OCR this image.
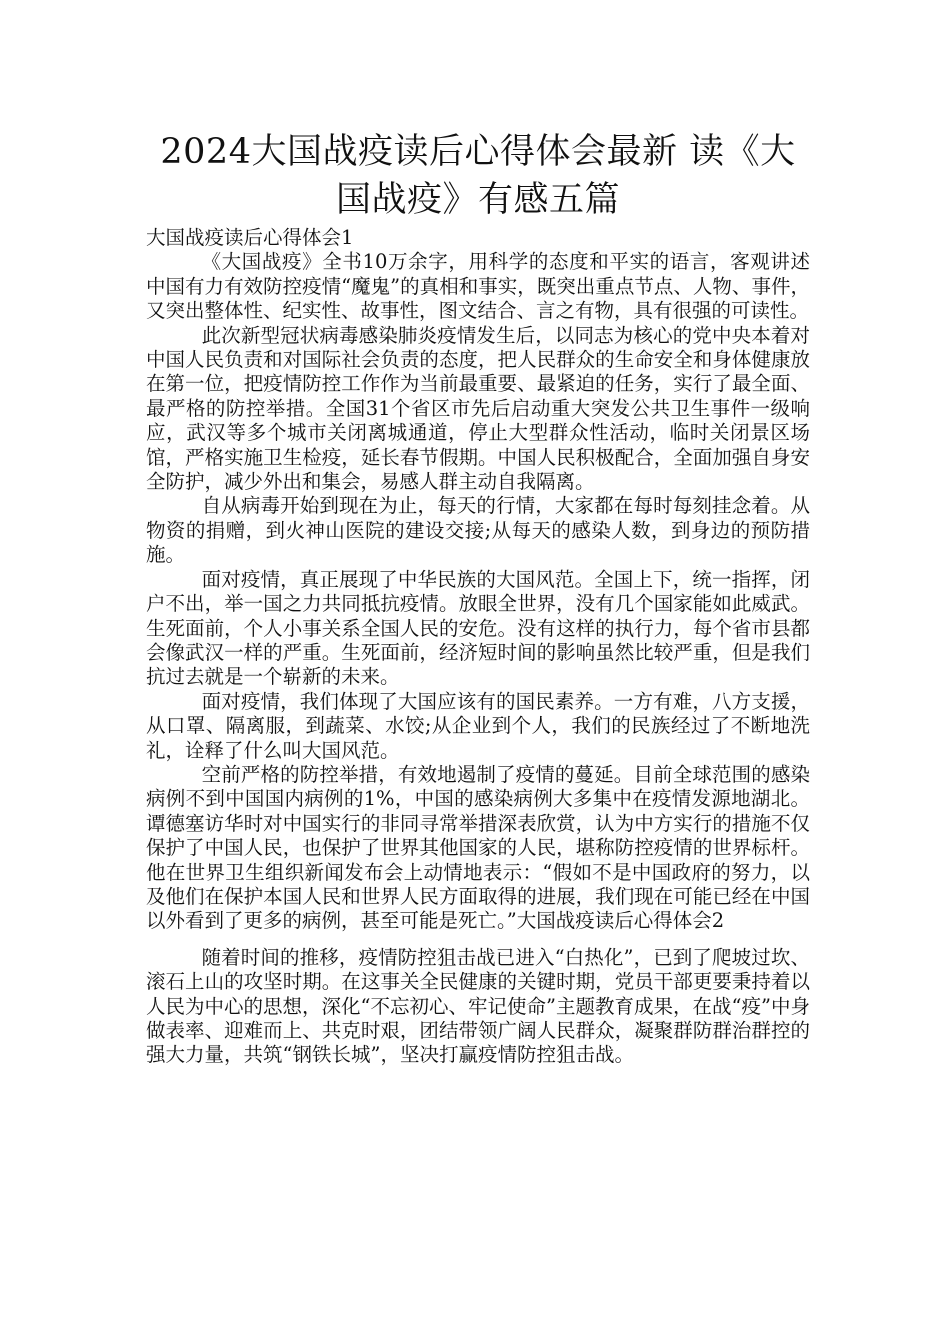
2024大国战疫读后心得体会最新 读《大国战疫》有感五篇

大国战疫读后心得体会1

《大国战疫》全书10万余字，用科学的态度和平实的语言，客观讲述中国有力有效防控疫情“魔鬼”的真相和事实，既突出重点节点、人物、事件，又突出整体性、纪实性、故事性，图文结合、言之有物，具有很强的可读性。

此次新型冠状病毒感染肺炎疫情发生后，以同志为核心的党中央本着对中国人民负责和对国际社会负责的态度，把人民群众的生命安全和身体健康放在第一位，把疫情防控工作作为当前最重要、最紧迫的任务，实行了最全面、最严格的防控举措。全国31个省区市先后启动重大突发公共卫生事件一级响应，武汉等多个城市关闭离城通道，停止大型群众性活动，临时关闭景区场馆，严格实施卫生检疫，延长春节假期。中国人民积极配合，全面加强自身安全防护，减少外出和集会，易感人群主动自我隔离。

自从病毒开始到现在为止，每天的行情，大家都在每时每刻挂念着。从物资的捐赠，到火神山医院的建设交接;从每天的感染人数，到身边的预防措施。

面对疫情，真正展现了中华民族的大国风范。全国上下，统一指挥，闭户不出，举一国之力共同抵抗疫情。放眼全世界，没有几个国家能如此威武。生死面前，个人小事关系全国人民的安危。没有这样的执行力，每个省市县都会像武汉一样的严重。生死面前，经济短时间的影响虽然比较严重，但是我们抗过去就是一个崭新的未来。

面对疫情，我们体现了大国应该有的国民素养。一方有难，八方支援，从口罩、隔离服，到蔬菜、水饺;从企业到个人，我们的民族经过了不断地洗礼，诠释了什么叫大国风范。

空前严格的防控举措，有效地遏制了疫情的蔓延。目前全球范围的感染病例不到中国国内病例的1%，中国的感染病例大多集中在疫情发源地湖北。谭德塞访华时对中国实行的非同寻常举措深表欣赏，认为中方实行的措施不仅保护了中国人民，也保护了世界其他国家的人民，堪称防控疫情的世界标杆。他在世界卫生组织新闻发布会上动情地表示：“假如不是中国政府的努力，以及他们在保护本国人民和世界人民方面取得的进展，我们现在可能已经在中国以外看到了更多的病例，甚至可能是死亡。”大国战疫读后心得体会2

随着时间的推移，疫情防控狙击战已进入“白热化”，已到了爬坡过坎、滚石上山的攻坚时期。在这事关全民健康的关键时期，党员干部更要秉持着以人民为中心的思想，深化“不忘初心、牢记使命”主题教育成果，在战“疫”中身做表率、迎难而上、共克时艰，团结带领广阔人民群众，凝聚群防群治群控的强大力量，共筑“钢铁长城”，坚决打赢疫情防控狙击战。
